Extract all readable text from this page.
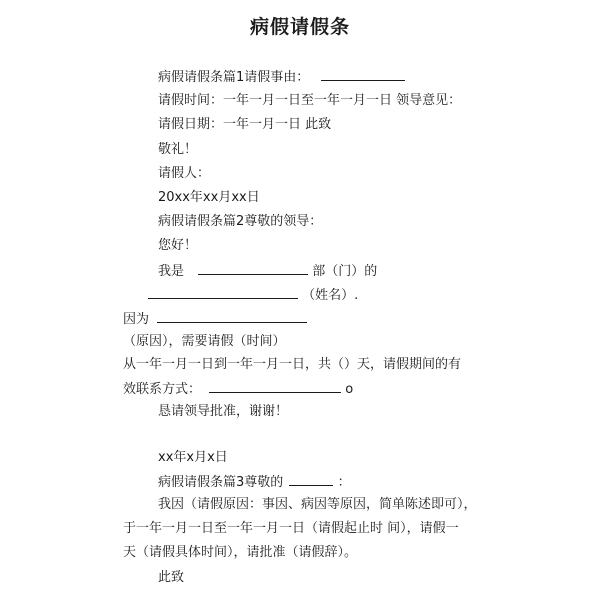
病假请假条
病假请假条篇1请假事由：
请假时间：一年一月一日至一年一月一日 领导意见：
请假日期：一年一月一日 此致
敬礼！
请假人：
20xx年xx月xx日
病假请假条篇2尊敬的领导：
您好！
我是	部（门）的
（姓名）.
因为
（原因），需要请假（时间）
从一年一月一日到一年一月一日，共（）天，请假期间的有
效联系方式：	o
恳请领导批准，谢谢！
xx年x月x日
病假请假条篇3尊敬的	：
我因（请假原因：事因、病因等原因，简单陈述即可），
于一年一月一日至一年一月一日（请假起止时 间），请假一
天（请假具体时间），请批准（请假辞）。
此致
